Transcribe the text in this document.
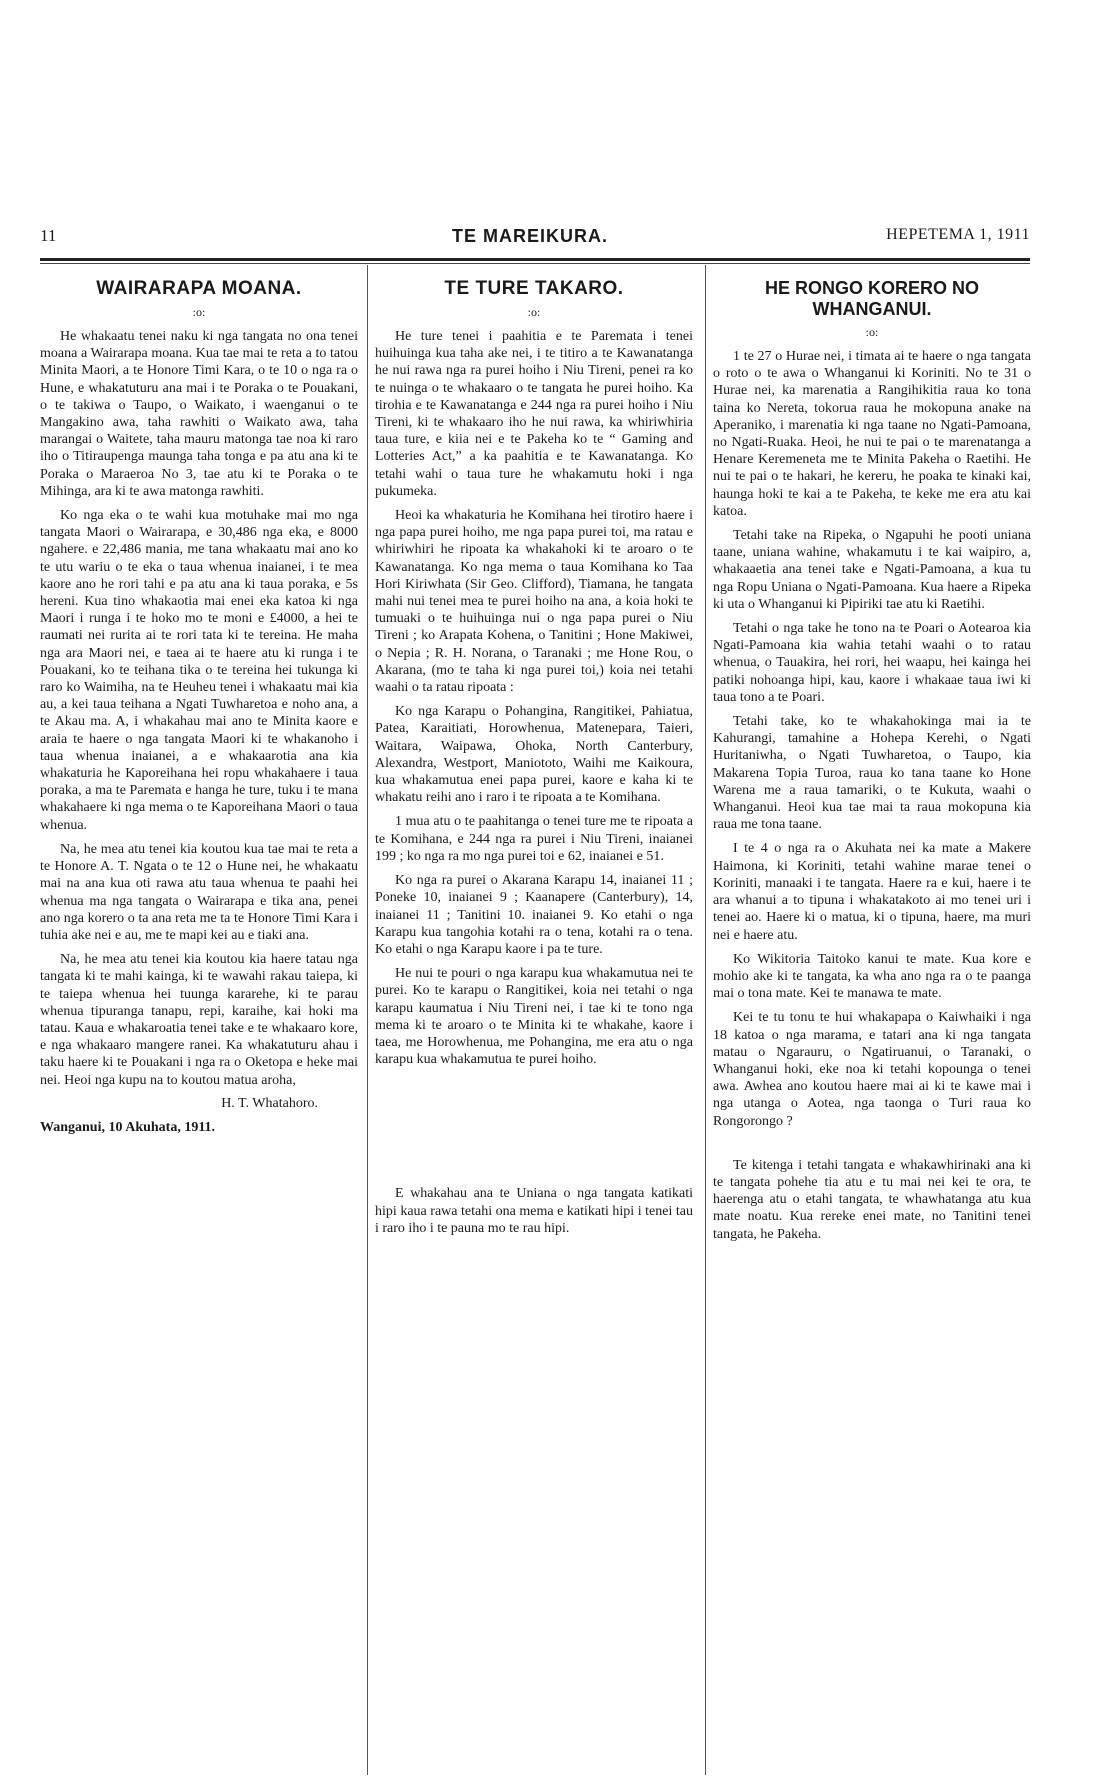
11	TE MAREIKURA.	HEPETEMA 1, 1911
WAIRARAPA MOANA.
:o:

He whakaatu tenei naku ki nga tangata no ona tenei moana a Wairarapa moana. Kua tae mai te reta a to tatou Minita Maori, a te Honore Timi Kara, o te 10 o nga ra o Hune, e whakatuturu ana mai i te Poraka o te Pouakani, o te takiwa o Taupo, o Waikato, i waenganui o te Mangakino awa, taha rawhiti o Waikato awa, taha marangai o Waitete, taha mauru matonga tae noa ki raro iho o Titiraupenga maunga taha tonga e pa atu ana ki te Poraka o Maraeroa No 3, tae atu ki te Poraka o te Mihinga, ara ki te awa matonga rawhiti.

Ko nga eka o te wahi kua motuhake mai mo nga tangata Maori o Wairarapa, e 30,486 nga eka, e 8000 ngahere. e 22,486 mania, me tana whakaatu mai ano ko te utu wariu o te eka o taua whenua inaianei, i te mea kaore ano he rori tahi e pa atu ana ki taua poraka, e 5s hereni. Kua tino whakaotia mai enei eka katoa ki nga Maori i runga i te hoko mo te moni e £4000, a hei te raumati nei rurita ai te rori tata ki te tereina. He maha nga ara Maori nei, e taea ai te haere atu ki runga i te Pouakani, ko te teihana tika o te tereina hei tukunga ki raro ko Waimiha, na te Heuheu tenei i whakaatu mai kia au, a kei taua teihana a Ngati Tuwharetoa e noho ana, a te Akau ma. A, i whakahau mai ano te Minita kaore e araia te haere o nga tangata Maori ki te whakanoho i taua whenua inaianei, a e whakaarotia ana kia whakaturia he Kaporeihana hei ropu whakahaere i taua poraka, a ma te Paremata e hanga he ture, tuku i te mana whakahaere ki nga mema o te Kaporeihana Maori o taua whenua.

Na, he mea atu tenei kia koutou kua tae mai te reta a te Honore A. T. Ngata o te 12 o Hune nei, he whakaatu mai na ana kua oti rawa atu taua whenua te paahi hei whenua ma nga tangata o Wairarapa e tika ana, penei ano nga korero o ta ana reta me ta te Honore Timi Kara i tuhia ake nei e au, me te mapi kei au e tiaki ana.

Na, he mea atu tenei kia koutou kia haere tatau nga tangata ki te mahi kainga, ki te wawahi rakau taiepa, ki te taiepa whenua hei tuunga kararehe, ki te parau whenua tipuranga tanapu, repi, karaihe, kai hoki ma tatau. Kaua e whakaroatia tenei take e te whakaaro kore, e nga whakaaro mangere ranei. Ka whakatuturu ahau i taku haere ki te Pouakani i nga ra o Oketopa e heke mai nei. Heoi nga kupu na to koutou matua aroha,

H. T. Whatahoro.
Wanganui, 10 Akuhata, 1911.
TE TURE TAKARO.
:o:

He ture tenei i paahitia e te Paremata i tenei huihuinga kua taha ake nei, i te titiro a te Kawanatanga he nui rawa nga ra purei hoiho i Niu Tireni, penei ra ko te nuinga o te whakaaro o te tangata he purei hoiho. Ka tirohia e te Kawanatanga e 244 nga ra purei hoiho i Niu Tireni, ki te whakaaro iho he nui rawa, ka whiriwhiria taua ture, e kiia nei e te Pakeha ko te “ Gaming and Lotteries Act,” a ka paahitia e te Kawanatanga. Ko tetahi wahi o taua ture he whakamutu hoki i nga pukumeka.

Heoi ka whakaturia he Komihana hei tirotiro haere i nga papa purei hoiho, me nga papa purei toi, ma ratau e whiriwhiri he ripoata ka whakahoki ki te aroaro o te Kawanatanga. Ko nga mema o taua Komihana ko Taa Hori Kiriwhata (Sir Geo. Clifford), Tiamana, he tangata mahi nui tenei mea te purei hoiho na ana, a koia hoki te tumuaki o te huihuinga nui o nga papa purei o Niu Tireni ; ko Arapata Kohena, o Tanitini ; Hone Makiwei, o Nepia ; R. H. Norana, o Taranaki ; me Hone Rou, o Akarana, (mo te taha ki nga purei toi,) koia nei tetahi waahi o ta ratau ripoata :

Ko nga Karapu o Pohangina, Rangitikei, Pahiatua, Patea, Karaitiati, Horowhenua, Matenepara, Taieri, Waitara, Waipawa, Ohoka, North Canterbury, Alexandra, Westport, Maniototo, Waihi me Kaikoura, kua whakamutua enei papa purei, kaore e kaha ki te whakatu reihi ano i raro i te ripoata a te Komihana.

1 mua atu o te paahitanga o tenei ture me te ripoata a te Komihana, e 244 nga ra purei i Niu Tireni, inaianei 199 ; ko nga ra mo nga purei toi e 62, inaianei e 51.

Ko nga ra purei o Akarana Karapu 14, inaianei 11 ; Poneke 10, inaianei 9 ; Kaanapere (Canterbury), 14, inaianei 11 ; Tanitini 10. inaianei 9. Ko etahi o nga Karapu kua tangohia kotahi ra o tena, kotahi ra o tena. Ko etahi o nga Karapu kaore i pa te ture.

He nui te pouri o nga karapu kua whakamutua nei te purei. Ko te karapu o Rangitikei, koia nei tetahi o nga karapu kaumatua i Niu Tireni nei, i tae ki te tono nga mema ki te aroaro o te Minita ki te whakahe, kaore i taea, me Horowhenua, me Pohangina, me era atu o nga karapu kua whakamutua te purei hoiho.

E whakahau ana te Uniana o nga tangata katikati hipi kaua rawa tetahi ona mema e katikati hipi i tenei tau i raro iho i te pauna mo te rau hipi.

HE RONGO KORERO NO WHANGANUI.
:o:

1 te 27 o Hurae nei, i timata ai te haere o nga tangata o roto o te awa o Whanganui ki Koriniti. No te 31 o Hurae nei, ka marenatia a Rangihikitia raua ko tona taina ko Nereta, tokorua raua he mokopuna anake na Aperaniko, i marenatia ki nga taane no Ngati-Pamoana, no Ngati-Ruaka. Heoi, he nui te pai o te marenatanga a Henare Keremeneta me te Minita Pakeha o Raetihi. He nui te pai o te hakari, he kereru, he poaka te kinaki kai, haunga hoki te kai a te Pakeha, te keke me era atu kai katoa.

Tetahi take na Ripeka, o Ngapuhi he pooti uniana taane, uniana wahine, whakamutu i te kai waipiro, a, whakaaetia ana tenei take e Ngati-Pamoana, a kua tu nga Ropu Uniana o Ngati-Pamoana. Kua haere a Ripeka ki uta o Whanganui ki Pipiriki tae atu ki Raetihi.

Tetahi o nga take he tono na te Poari o Aotearoa kia Ngati-Pamoana kia wahia tetahi waahi o to ratau whenua, o Tauakira, hei rori, hei waapu, hei kainga hei patiki nohoanga hipi, kau, kaore i whakaae taua iwi ki taua tono a te Poari.

Tetahi take, ko te whakahokinga mai ia te Kahurangi, tamahine a Hohepa Kerehi, o Ngati Huritaniwha, o Ngati Tuwharetoa, o Taupo, kia Makarena Topia Turoa, raua ko tana taane ko Hone Warena me a raua tamariki, o te Kukuta, waahi o Whanganui. Heoi kua tae mai ta raua mokopuna kia raua me tona taane.

I te 4 o nga ra o Akuhata nei ka mate a Makere Haimona, ki Koriniti, tetahi wahine marae tenei o Koriniti, manaaki i te tangata. Haere ra e kui, haere i te ara whanui a to tipuna i whakatakoto ai mo tenei uri i tenei ao. Haere ki o matua, ki o tipuna, haere, ma muri nei e haere atu.

Ko Wikitoria Taitoko kanui te mate. Kua kore e mohio ake ki te tangata, ka wha ano nga ra o te paanga mai o tona mate. Kei te manawa te mate.

Kei te tu tonu te hui whakapapa o Kaiwhaiki i nga 18 katoa o nga marama, e tatari ana ki nga tangata matau o Ngarauru, o Ngatiruanui, o Taranaki, o Whanganui hoki, eke noa ki tetahi kopounga o tenei awa. Awhea ano koutou haere mai ai ki te kawe mai i nga utanga o Aotea, nga taonga o Turi raua ko Rongorongo ?

Te kitenga i tetahi tangata e whakawhirinaki ana ki te tangata pohehe tia atu e tu mai nei kei te ora, te haerenga atu o etahi tangata, te whawhatanga atu kua mate noatu. Kua rereke enei mate, no Tanitini tenei tangata, he Pakeha.
